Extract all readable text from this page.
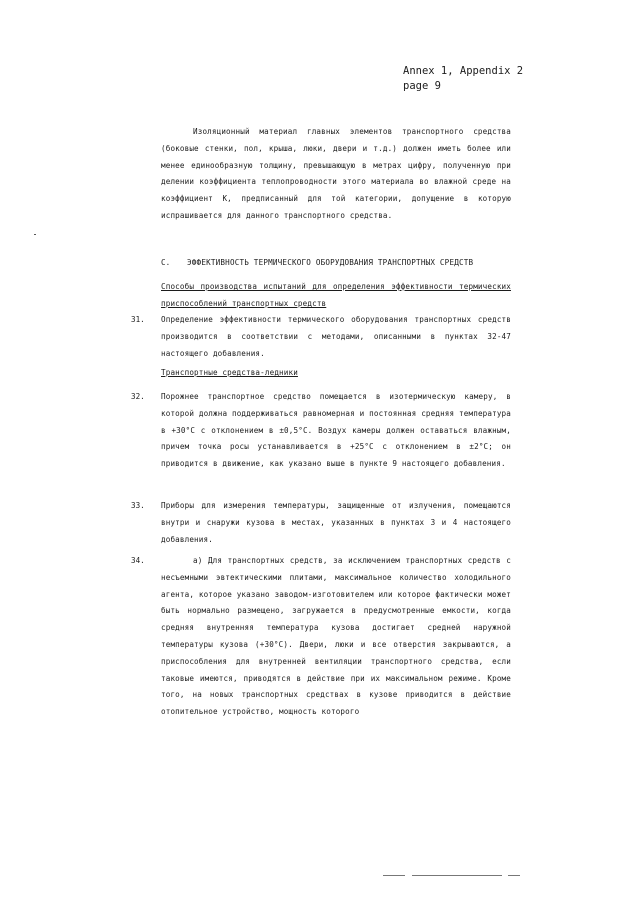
Annex 1, Appendix 2
page 9
Изоляционный материал главных элементов транспортного средства (боковые стенки, пол, крыша, люки, двери и т.д.) должен иметь более или менее единообразную толщину, превышающую в метрах цифру, полученную при делении коэффициента теплопроводности этого материала во влажной среде на коэффициент К, предписанный для той категории, допущение в которую испрашивается для данного транспортного средства.
C. ЭФФЕКТИВНОСТЬ ТЕРМИЧЕСКОГО ОБОРУДОВАНИЯ ТРАНСПОРТНЫХ СРЕДСТВ
Способы производства испытаний для определения эффективности термических приспособлений транспортных средств
31. Определение эффективности термического оборудования транспортных средств производится в соответствии с методами, описанными в пунктах 32-47 настоящего добавления.
Транспортные средства-ледники
32. Порожнее транспортное средство помещается в изотермическую камеру, в которой должна поддерживаться равномерная и постоянная средняя температура в +30°С с отклонением в ±0,5°С. Воздух камеры должен оставаться влажным, причем точка росы устанавливается в +25°С с отклонением в ±2°С; он приводится в движение, как указано выше в пункте 9 настоящего добавления.
33. Приборы для измерения температуры, защищенные от излучения, помещаются внутри и снаружи кузова в местах, указанных в пунктах 3 и 4 настоящего добавления.
34.	а) Для транспортных средств, за исключением транспортных средств с несъемными эвтектическими плитами, максимальное количество холодильного агента, которое указано заводом-изготовителем или которое фактически может быть нормально размещено, загружается в предусмотренные емкости, когда средняя внутренняя температура кузова достигает средней наружной температуры кузова (+30°С). Двери, люки и все отверстия закрываются, а приспособления для внутренней вентиляции транспортного средства, если таковые имеются, приводятся в действие при их максимальном режиме. Кроме того, на новых транспортных средствах в кузове приводится в действие отопительное устройство, мощность которого
